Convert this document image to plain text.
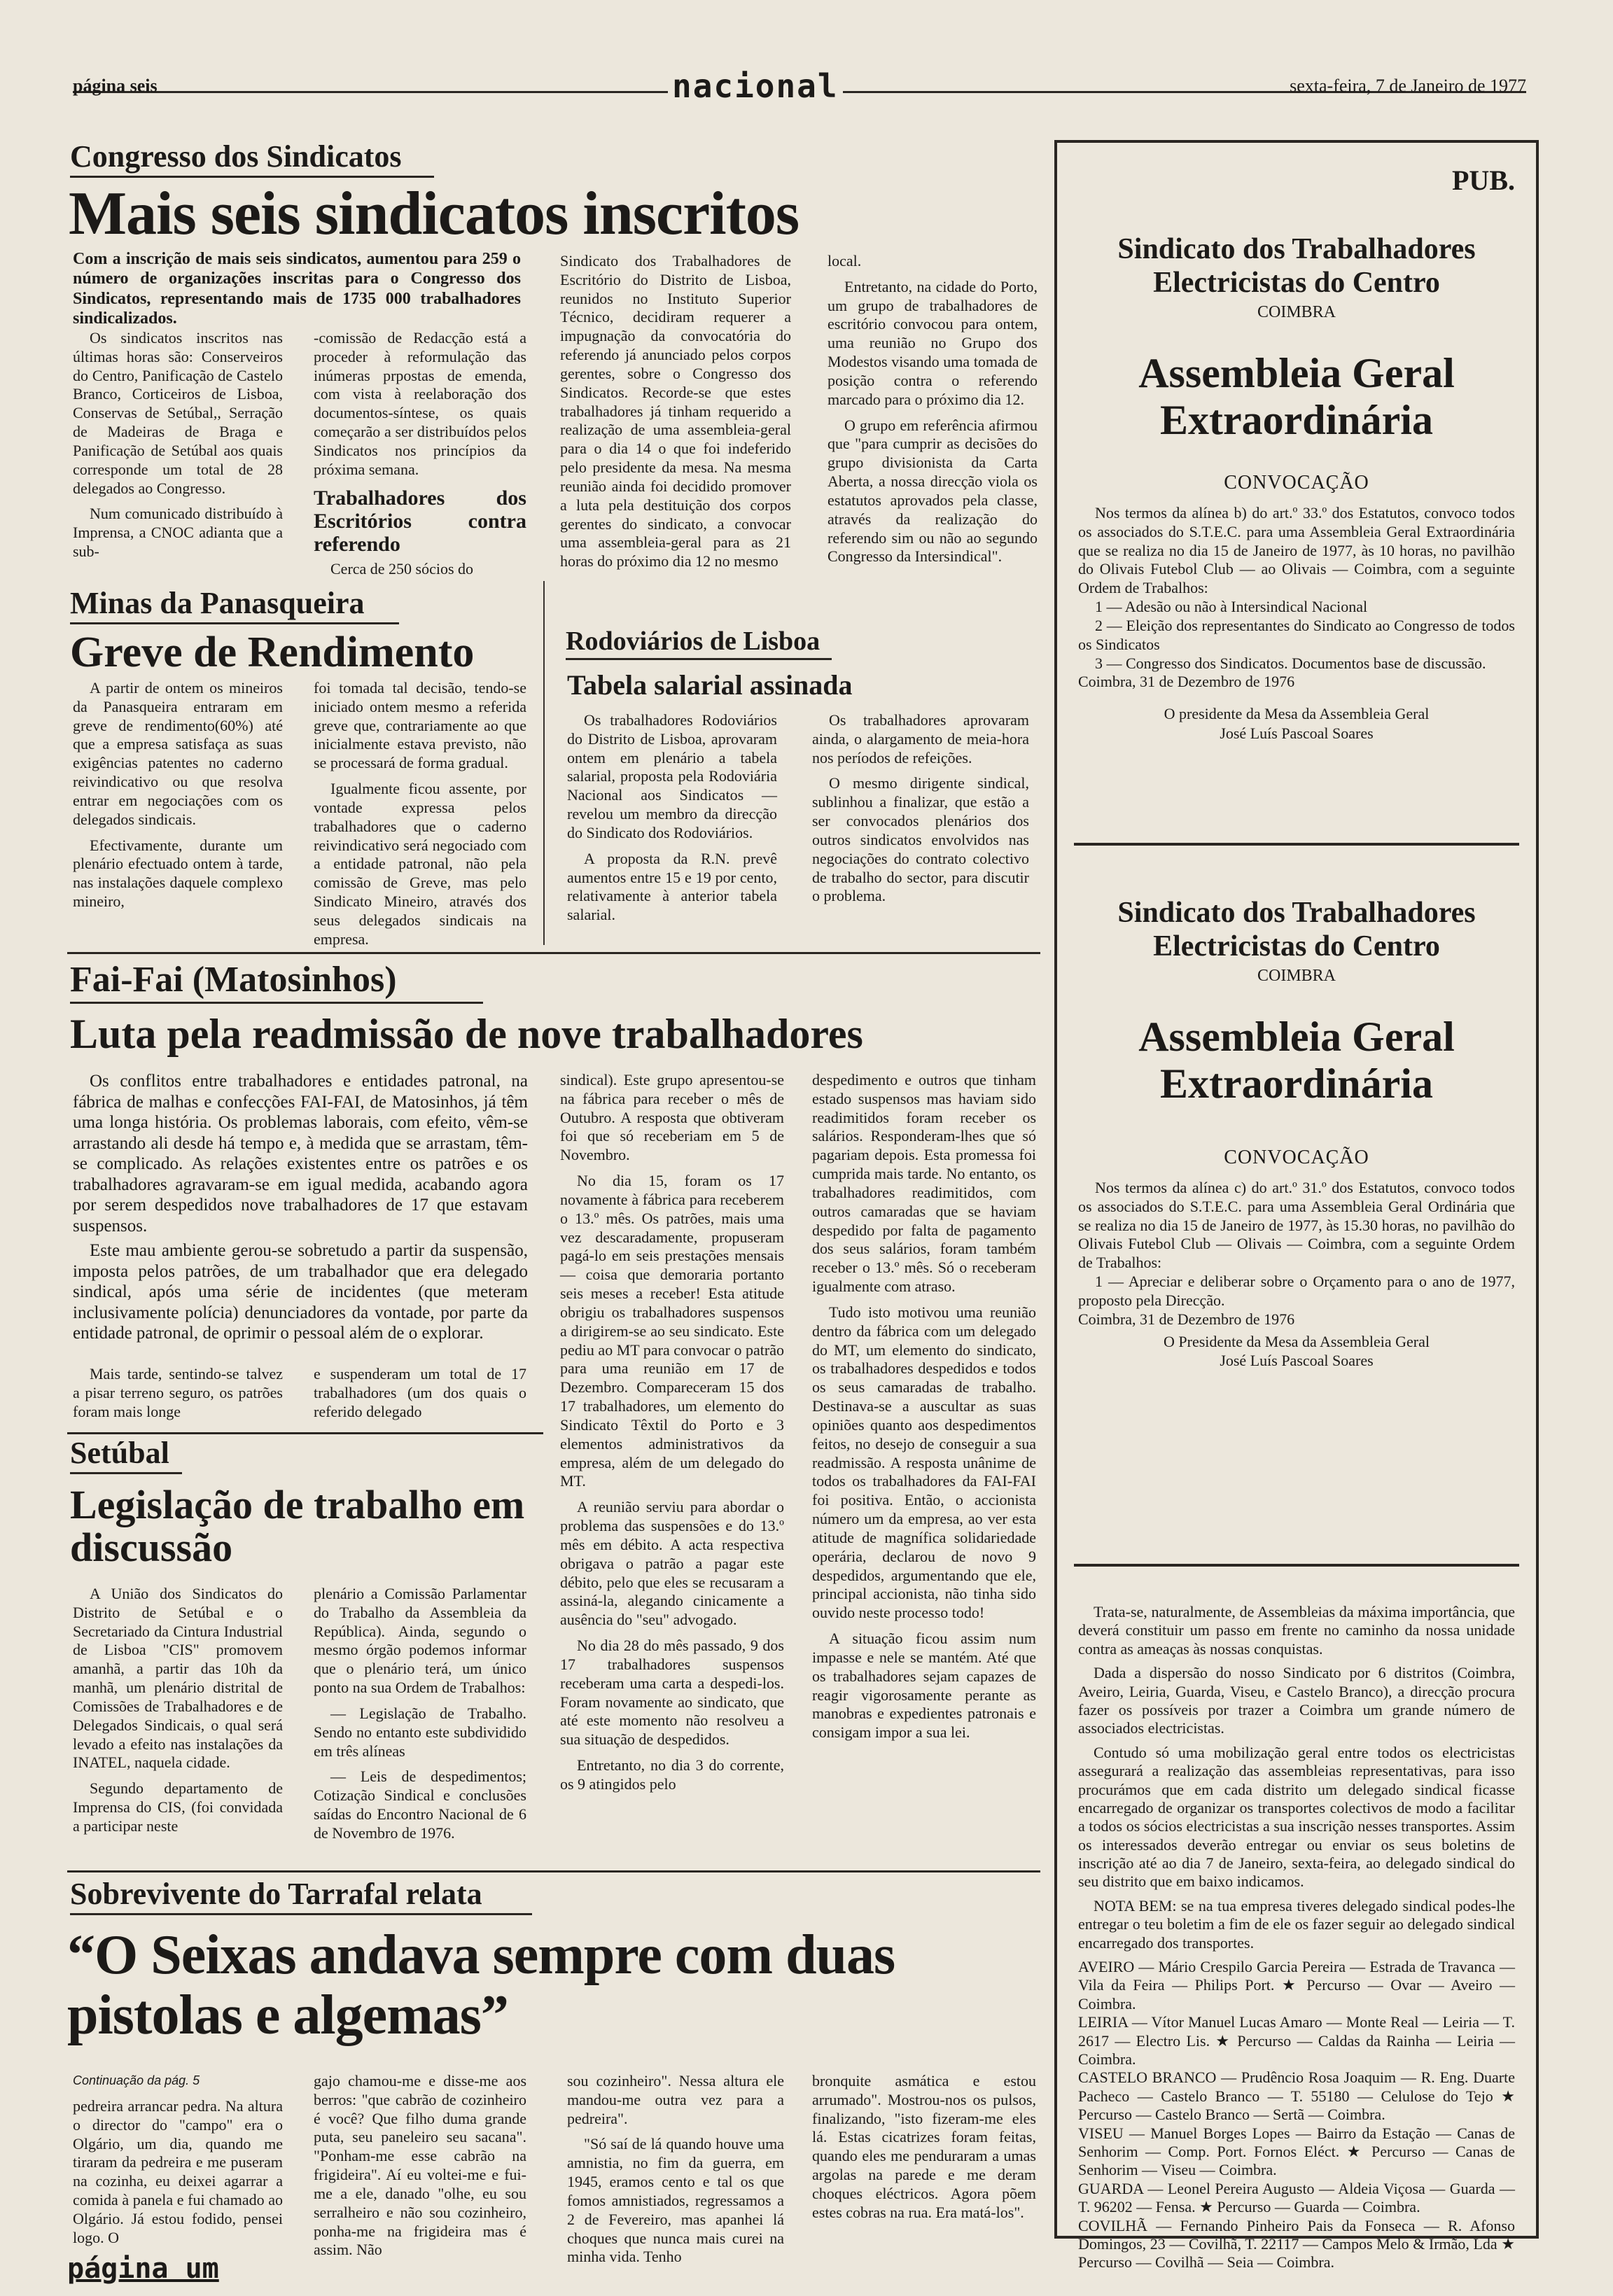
página seis	nacional	sexta-feira, 7 de Janeiro de 1977
Congresso dos Sindicatos
Mais seis sindicatos inscritos
Com a inscrição de mais seis sindicatos, aumentou para 259 o número de organizações inscritas para o Congresso dos Sindicatos, representando mais de 1735 000 trabalhadores sindicalizados.

Os sindicatos inscritos nas últimas horas são: Conserveiros do Centro, Panificação de Castelo Branco, Corticeiros de Lisboa, Conservas de Setúbal,, Serração de Madeiras de Braga e Panificação de Setúbal aos quais corresponde um total de 28 delegados ao Congresso.

Num comunicado distribuído à Imprensa, a CNOC adianta que a sub-

-comissão de Redacção está a proceder à reformulação das inúmeras prpostas de emenda, com vista à reelaboração dos documentos-síntese, os quais começarão a ser distribuídos pelos Sindicatos nos princípios da próxima semana.

Trabalhadores dos Escritórios contra referendo

Cerca de 250 sócios do

Sindicato dos Trabalhadores de Escritório do Distrito de Lisboa, reunidos no Instituto Superior Técnico, decidiram requerer a impugnação da convocatória do referendo já anunciado pelos corpos gerentes, sobre o Congresso dos Sindicatos. Recorde-se que estes trabalhadores já tinham requerido a realização de uma assembleia-geral para o dia 14 o que foi indeferido pelo presidente da mesa. Na mesma reunião ainda foi decidido promover a luta pela destituição dos corpos gerentes do sindicato, a convocar uma assembleia-geral para as 21 horas do próximo dia 12 no mesmo

local.

Entretanto, na cidade do Porto, um grupo de trabalhadores de escritório convocou para ontem, uma reunião no Grupo dos Modestos visando uma tomada de posição contra o referendo marcado para o próximo dia 12.

O grupo em referência afirmou que "para cumprir as decisões do grupo divisionista da Carta Aberta, a nossa direcção viola os estatutos aprovados pela classe, através da realização do referendo sim ou não ao segundo Congresso da Intersindical".

Minas da Panasqueira
Greve de Rendimento

A partir de ontem os mineiros da Panasqueira entraram em greve de rendimento(60%) até que a empresa satisfaça as suas exigências patentes no caderno reivindicativo ou que resolva entrar em negociações com os delegados sindicais.

Efectivamente, durante um plenário efectuado ontem à tarde, nas instalações daquele complexo mineiro,

foi tomada tal decisão, tendo-se iniciado ontem mesmo a referida greve que, contrariamente ao que inicialmente estava previsto, não se processará de forma gradual.

Igualmente ficou assente, por vontade expressa pelos trabalhadores que o caderno reivindicativo será negociado com a entidade patronal, não pela comissão de Greve, mas pelo Sindicato Mineiro, através dos seus delegados sindicais na empresa.

Rodoviários de Lisboa
Tabela salarial assinada

Os trabalhadores Rodoviários do Distrito de Lisboa, aprovaram ontem em plenário a tabela salarial, proposta pela Rodoviária Nacional aos Sindicatos — revelou um membro da direcção do Sindicato dos Rodoviários.

A proposta da R.N. prevê aumentos entre 15 e 19 por cento, relativamente à anterior tabela salarial.

Os trabalhadores aprovaram ainda, o alargamento de meia-hora nos períodos de refeições.

O mesmo dirigente sindical, sublinhou a finalizar, que estão a ser convocados plenários dos outros sindicatos envolvidos nas negociações do contrato colectivo de trabalho do sector, para discutir o problema.

Fai-Fai (Matosinhos)
Luta pela readmissão de nove trabalhadores

Os conflitos entre trabalhadores e entidades patronal, na fábrica de malhas e confecções FAI-FAI, de Matosinhos, já têm uma longa história. Os problemas laborais, com efeito, vêm-se arrastando ali desde há tempo e, à medida que se arrastam, têm-se complicado. As relações existentes entre os patrões e os trabalhadores agravaram-se em igual medida, acabando agora por serem despedidos nove trabalhadores de 17 que estavam suspensos.

Este mau ambiente gerou-se sobretudo a partir da suspensão, imposta pelos patrões, de um trabalhador que era delegado sindical, após uma série de incidentes (que meteram inclusivamente polícia) denunciadores da vontade, por parte da entidade patronal, de oprimir o pessoal além de o explorar.

Mais tarde, sentindo-se talvez a pisar terreno seguro, os patrões foram mais longe

e suspenderam um total de 17 trabalhadores (um dos quais o referido delegado

sindical). Este grupo apresentou-se na fábrica para receber o mês de Outubro. A resposta que obtiveram foi que só receberiam em 5 de Novembro.

No dia 15, foram os 17 novamente à fábrica para receberem o 13.º mês. Os patrões, mais uma vez descaradamente, propuseram pagá-lo em seis prestações mensais — coisa que demoraria portanto seis meses a receber! Esta atitude obrigiu os trabalhadores suspensos a dirigirem-se ao seu sindicato. Este pediu ao MT para convocar o patrão para uma reunião em 17 de Dezembro. Compareceram 15 dos 17 trabalhadores, um elemento do Sindicato Têxtil do Porto e 3 elementos administrativos da empresa, além de um delegado do MT.

A reunião serviu para abordar o problema das suspensões e do 13.º mês em débito. A acta respectiva obrigava o patrão a pagar este débito, pelo que eles se recusaram a assiná-la, alegando cinicamente a ausência do "seu" advogado.

No dia 28 do mês passado, 9 dos 17 trabalhadores suspensos receberam uma carta a despedi-los. Foram novamente ao sindicato, que até este momento não resolveu a sua situação de despedidos.

Entretanto, no dia 3 do corrente, os 9 atingidos pelo

despedimento e outros que tinham estado suspensos mas haviam sido readimitidos foram receber os salários. Responderam-lhes que só pagariam depois. Esta promessa foi cumprida mais tarde. No entanto, os trabalhadores readimitidos, com outros camaradas que se haviam despedido por falta de pagamento dos seus salários, foram também receber o 13.º mês. Só o receberam igualmente com atraso.

Tudo isto motivou uma reunião dentro da fábrica com um delegado do MT, um elemento do sindicato, os trabalhadores despedidos e todos os seus camaradas de trabalho. Destinava-se a auscultar as suas opiniões quanto aos despedimentos feitos, no desejo de conseguir a sua readmissão. A resposta unânime de todos os trabalhadores da FAI-FAI foi positiva. Então, o accionista número um da empresa, ao ver esta atitude de magnífica solidariedade operária, declarou de novo 9 despedidos, argumentando que ele, principal accionista, não tinha sido ouvido neste processo todo!

A situação ficou assim num impasse e nele se mantém. Até que os trabalhadores sejam capazes de reagir vigorosamente perante as manobras e expedientes patronais e consigam impor a sua lei.

Setúbal
Legislação de trabalho em discussão

A União dos Sindicatos do Distrito de Setúbal e o Secretariado da Cintura Industrial de Lisboa "CIS" promovem amanhã, a partir das 10h da manhã, um plenário distrital de Comissões de Trabalhadores e de Delegados Sindicais, o qual será levado a efeito nas instalações da INATEL, naquela cidade.

Segundo departamento de Imprensa do CIS, (foi convidada a participar neste

plenário a Comissão Parlamentar do Trabalho da Assembleia da República). Ainda, segundo o mesmo órgão podemos informar que o plenário terá, um único ponto na sua Ordem de Trabalhos:

— Legislação de Trabalho. Sendo no entanto este subdividido em três alíneas

— Leis de despedimentos; Cotização Sindical e conclusões saídas do Encontro Nacional de 6 de Novembro de 1976.

Sobrevivente do Tarrafal relata
“O Seixas andava sempre com duas pistolas e algemas”
Continuação da pág. 5

pedreira arrancar pedra. Na altura o director do "campo" era o Olgário, um dia, quando me tiraram da pedreira e me puseram na cozinha, eu deixei agarrar a comida à panela e fui chamado ao Olgário. Já estou fodido, pensei logo. O

gajo chamou-me e disse-me aos berros: "que cabrão de cozinheiro é você? Que filho duma grande puta, seu paneleiro seu sacana". "Ponham-me esse cabrão na frigideira". Aí eu voltei-me e fui-me a ele, danado "olhe, eu sou serralheiro e não sou cozinheiro, ponha-me na frigideira mas é assim. Não

sou cozinheiro". Nessa altura ele mandou-me outra vez para a pedreira".

"Só saí de lá quando houve uma amnistia, no fim da guerra, em 1945, eramos cento e tal os que fomos amnistiados, regressamos a 2 de Fevereiro, mas apanhei lá choques que nunca mais curei na minha vida. Tenho

bronquite asmática e estou arrumado". Mostrou-nos os pulsos, finalizando, "isto fizeram-me eles lá. Estas cicatrizes foram feitas, quando eles me penduraram a umas argolas na parede e me deram choques eléctricos. Agora põem estes cobras na rua. Era matá-los".

PUB.
Sindicato dos Trabalhadores Electricistas do Centro
COIMBRA
Assembleia Geral Extraordinária
CONVOCAÇÃO

Nos termos da alínea b) do art.º 33.º dos Estatutos, convoco todos os associados do S.T.E.C. para uma Assembleia Geral Extraordinária que se realiza no dia 15 de Janeiro de 1977, às 10 horas, no pavilhão do Olivais Futebol Club — ao Olivais — Coimbra, com a seguinte Ordem de Trabalhos:

1 — Adesão ou não à Intersindical Nacional

2 — Eleição dos representantes do Sindicato ao Congresso de todos os Sindicatos

3 — Congresso dos Sindicatos. Documentos base de discussão.

Coimbra, 31 de Dezembro de 1976

O presidente da Mesa da Assembleia Geral
José Luís Pascoal Soares
Sindicato dos Trabalhadores Electricistas do Centro
COIMBRA
Assembleia Geral Extraordinária
CONVOCAÇÃO

Nos termos da alínea c) do art.º 31.º dos Estatutos, convoco todos os associados do S.T.E.C. para uma Assembleia Geral Ordinária que se realiza no dia 15 de Janeiro de 1977, às 15.30 horas, no pavilhão do Olivais Futebol Club — Olivais — Coimbra, com a seguinte Ordem de Trabalhos:

1 — Apreciar e deliberar sobre o Orçamento para o ano de 1977, proposto pela Direcção.

Coimbra, 31 de Dezembro de 1976

O Presidente da Mesa da Assembleia Geral
José Luís Pascoal Soares

Trata-se, naturalmente, de Assembleias da máxima importância, que deverá constituir um passo em frente no caminho da nossa unidade contra as ameaças às nossas conquistas.

Dada a dispersão do nosso Sindicato por 6 distritos (Coimbra, Aveiro, Leiria, Guarda, Viseu, e Castelo Branco), a direcção procura fazer os possíveis por trazer a Coimbra um grande número de associados electricistas.

Contudo só uma mobilização geral entre todos os electricistas assegurará a realização das assembleias representativas, para isso procurámos que em cada distrito um delegado sindical ficasse encarregado de organizar os transportes colectivos de modo a facilitar a todos os sócios electricistas a sua inscrição nesses transportes. Assim os interessados deverão entregar ou enviar os seus boletins de inscrição até ao dia 7 de Janeiro, sexta-feira, ao delegado sindical do seu distrito que em baixo indicamos.

NOTA BEM: se na tua empresa tiveres delegado sindical podes-lhe entregar o teu boletim a fim de ele os fazer seguir ao delegado sindical encarregado dos transportes.

AVEIRO — Mário Crespilo Garcia Pereira — Estrada de Travanca — Vila da Feira — Philips Port. ★ Percurso — Ovar — Aveiro — Coimbra.

LEIRIA — Vítor Manuel Lucas Amaro — Monte Real — Leiria — T. 2617 — Electro Lis. ★ Percurso — Caldas da Rainha — Leiria — Coimbra.

CASTELO BRANCO — Prudêncio Rosa Joaquim — R. Eng. Duarte Pacheco — Castelo Branco — T. 55180 — Celulose do Tejo ★ Percurso — Castelo Branco — Sertã — Coimbra.

VISEU — Manuel Borges Lopes — Bairro da Estação — Canas de Senhorim — Comp. Port. Fornos Eléct. ★ Percurso — Canas de Senhorim — Viseu — Coimbra.

GUARDA — Leonel Pereira Augusto — Aldeia Viçosa — Guarda — T. 96202 — Fensa. ★ Percurso — Guarda — Coimbra.

COVILHÃ — Fernando Pinheiro Pais da Fonseca — R. Afonso Domingos, 23 — Covilhã, T. 22117 — Campos Melo & Irmão, Lda ★ Percurso — Covilhã — Seia — Coimbra.

página um
